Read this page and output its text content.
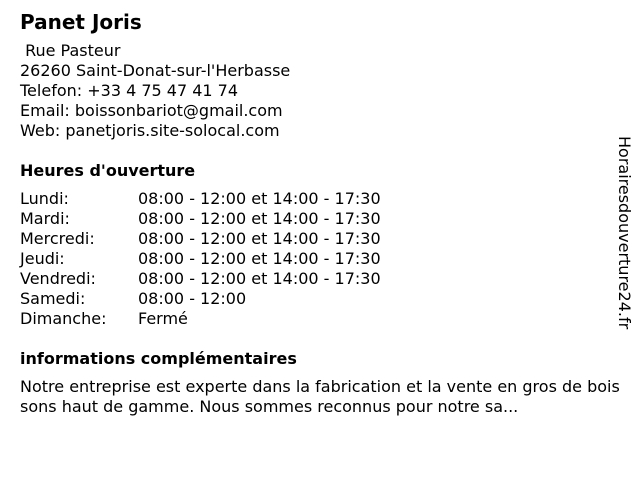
Panet Joris
Rue Pasteur
26260 Saint-Donat-sur-l'Herbasse
Telefon: +33 4 75 47 41 74
Email: boissonbariot@gmail.com
Web: panetjoris.site-solocal.com
Heures d'ouverture
Lundi:	08:00 - 12:00 et 14:00 - 17:30
Mardi:	08:00 - 12:00 et 14:00 - 17:30
Mercredi:	08:00 - 12:00 et 14:00 - 17:30
Jeudi:	08:00 - 12:00 et 14:00 - 17:30
Vendredi:	08:00 - 12:00 et 14:00 - 17:30
Samedi:	08:00 - 12:00
Dimanche:	Fermé
informations complémentaires
Notre entreprise est experte dans la fabrication et la vente en gros de boissons haut de gamme. Nous sommes reconnus pour notre sa...
Horairesdouverture24.fr
